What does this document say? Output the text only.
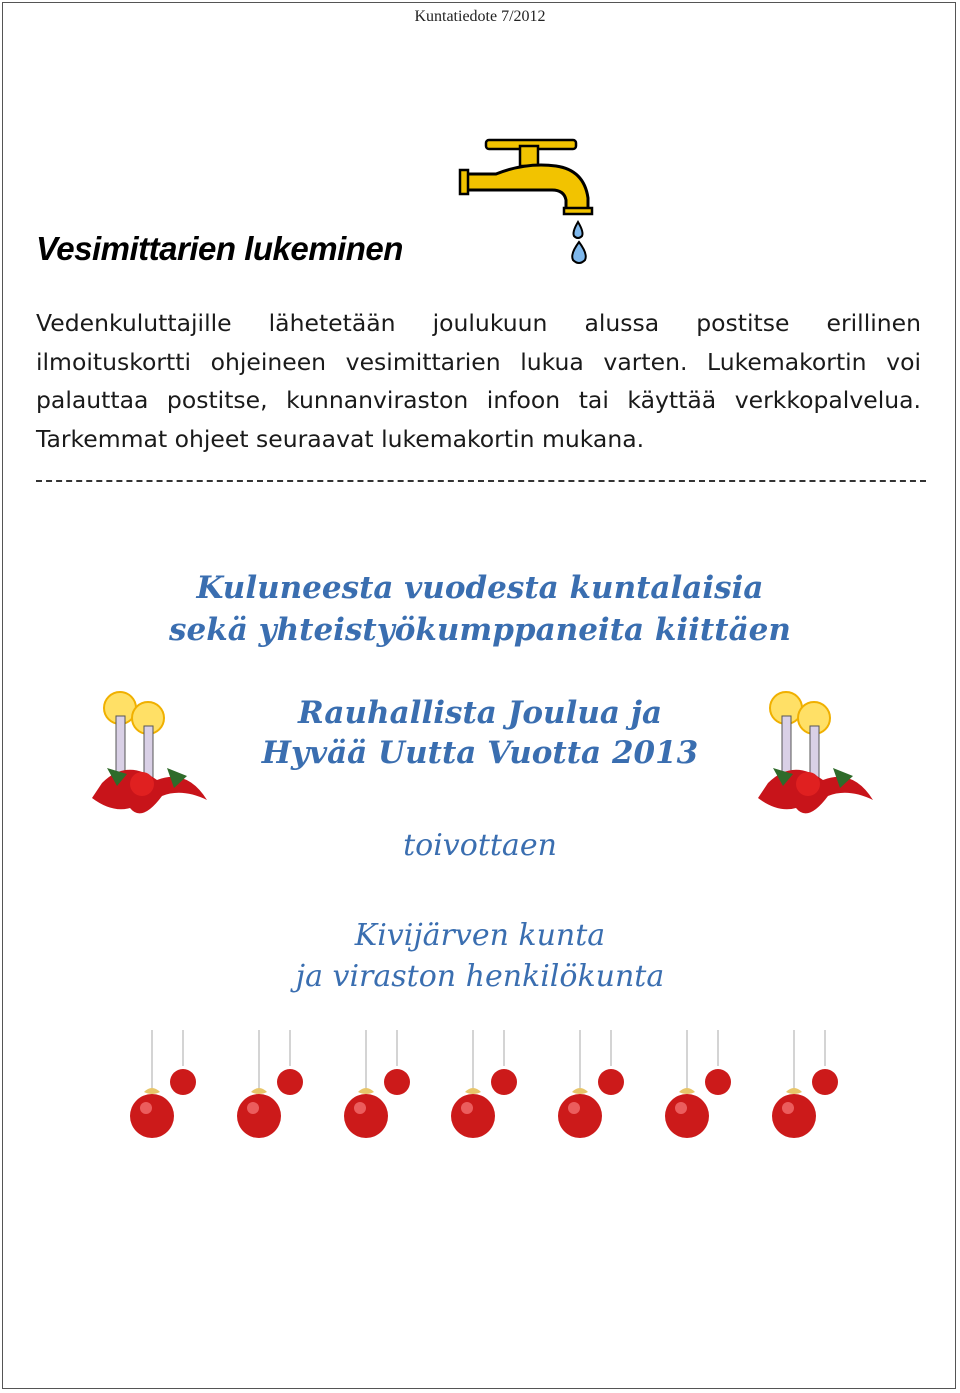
Kuntatiedote 7/2012
Vesimittarien lukeminen
Vedenkuluttajille lähetetään joulukuun alussa postitse erillinen ilmoituskortti ohjeineen vesimittarien lukua varten. Lukemakortin voi palauttaa postitse, kunnanviraston infoon tai käyttää verkkopalvelua. Tarkemmat ohjeet seuraavat lukemakortin mukana.
Kuluneesta vuodesta kuntalaisia
sekä yhteistyökumppaneita kiittäen
Rauhallista Joulua ja
Hyvää Uutta Vuotta 2013
toivottaen
Kivijärven kunta
ja viraston henkilökunta
